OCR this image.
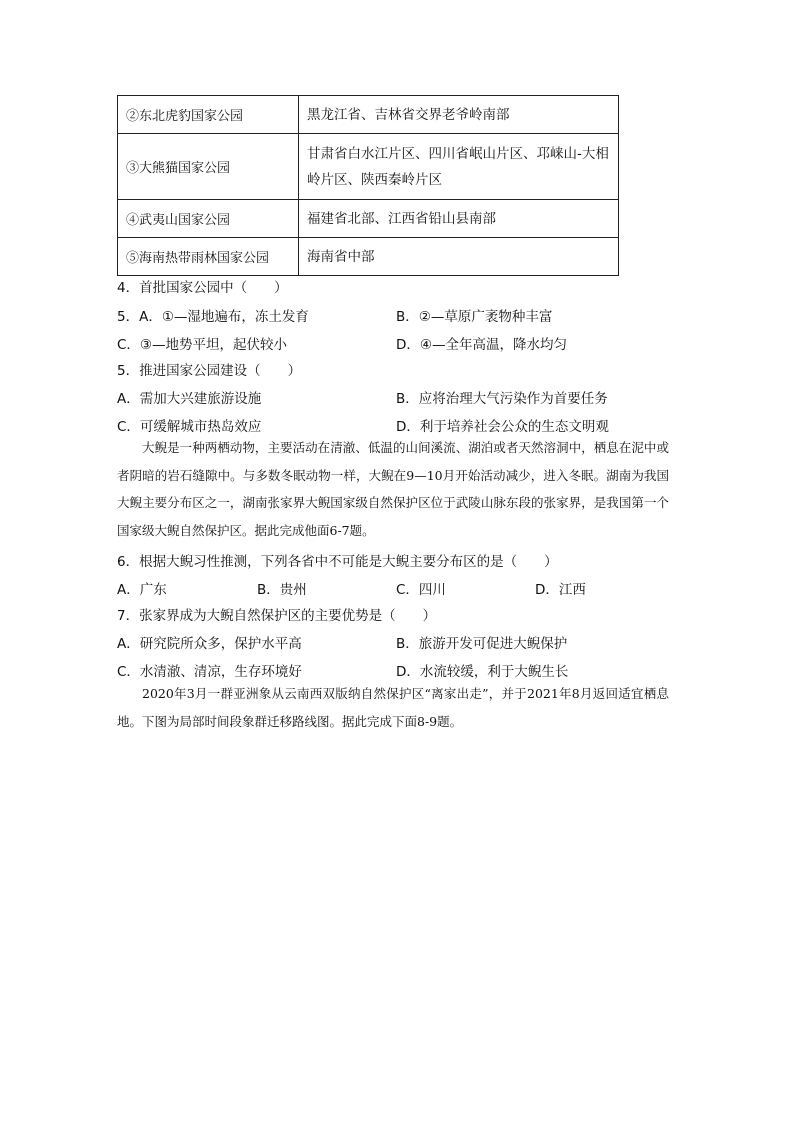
②东北虎豹国家公园	黑龙江省、吉林省交界老爷岭南部
③大熊猫国家公园	甘肃省白水江片区、四川省岷山片区、邛崃山-大相岭片区、陕西秦岭片区
④武夷山国家公园	福建省北部、江西省铅山县南部
⑤海南热带雨林国家公园	海南省中部
4．首批国家公园中（　　）
5．A．①—湿地遍布，冻土发育	B．②—草原广袤物种丰富
C．③—地势平坦，起伏较小	D．④—全年高温，降水均匀
5．推进国家公园建设（　　）
A．需加大兴建旅游设施	B．应将治理大气污染作为首要任务
C．可缓解城市热岛效应	D．利于培养社会公众的生态文明观
大鲵是一种两栖动物，主要活动在清澈、低温的山间溪流、湖泊或者天然溶洞中，栖息在泥中或者阴暗的岩石缝隙中。与多数冬眠动物一样，大鲵在9—10月开始活动减少，进入冬眠。湖南为我国大鲵主要分布区之一，湖南张家界大鲵国家级自然保护区位于武陵山脉东段的张家界，是我国第一个国家级大鲵自然保护区。据此完成他面6-7题。
6．根据大鲵习性推测，下列各省中不可能是大鲵主要分布区的是（　　）
A．广东	B．贵州	C．四川	D．江西
7．张家界成为大鲵自然保护区的主要优势是（　　）
A．研究院所众多，保护水平高	B．旅游开发可促进大鲵保护
C．水清澈、清凉，生存环境好	D．水流较缓，利于大鲵生长
2020年3月一群亚洲象从云南西双版纳自然保护区“离家出走”，并于2021年8月返回适宜栖息地。下图为局部时间段象群迁移路线图。据此完成下面8-9题。
